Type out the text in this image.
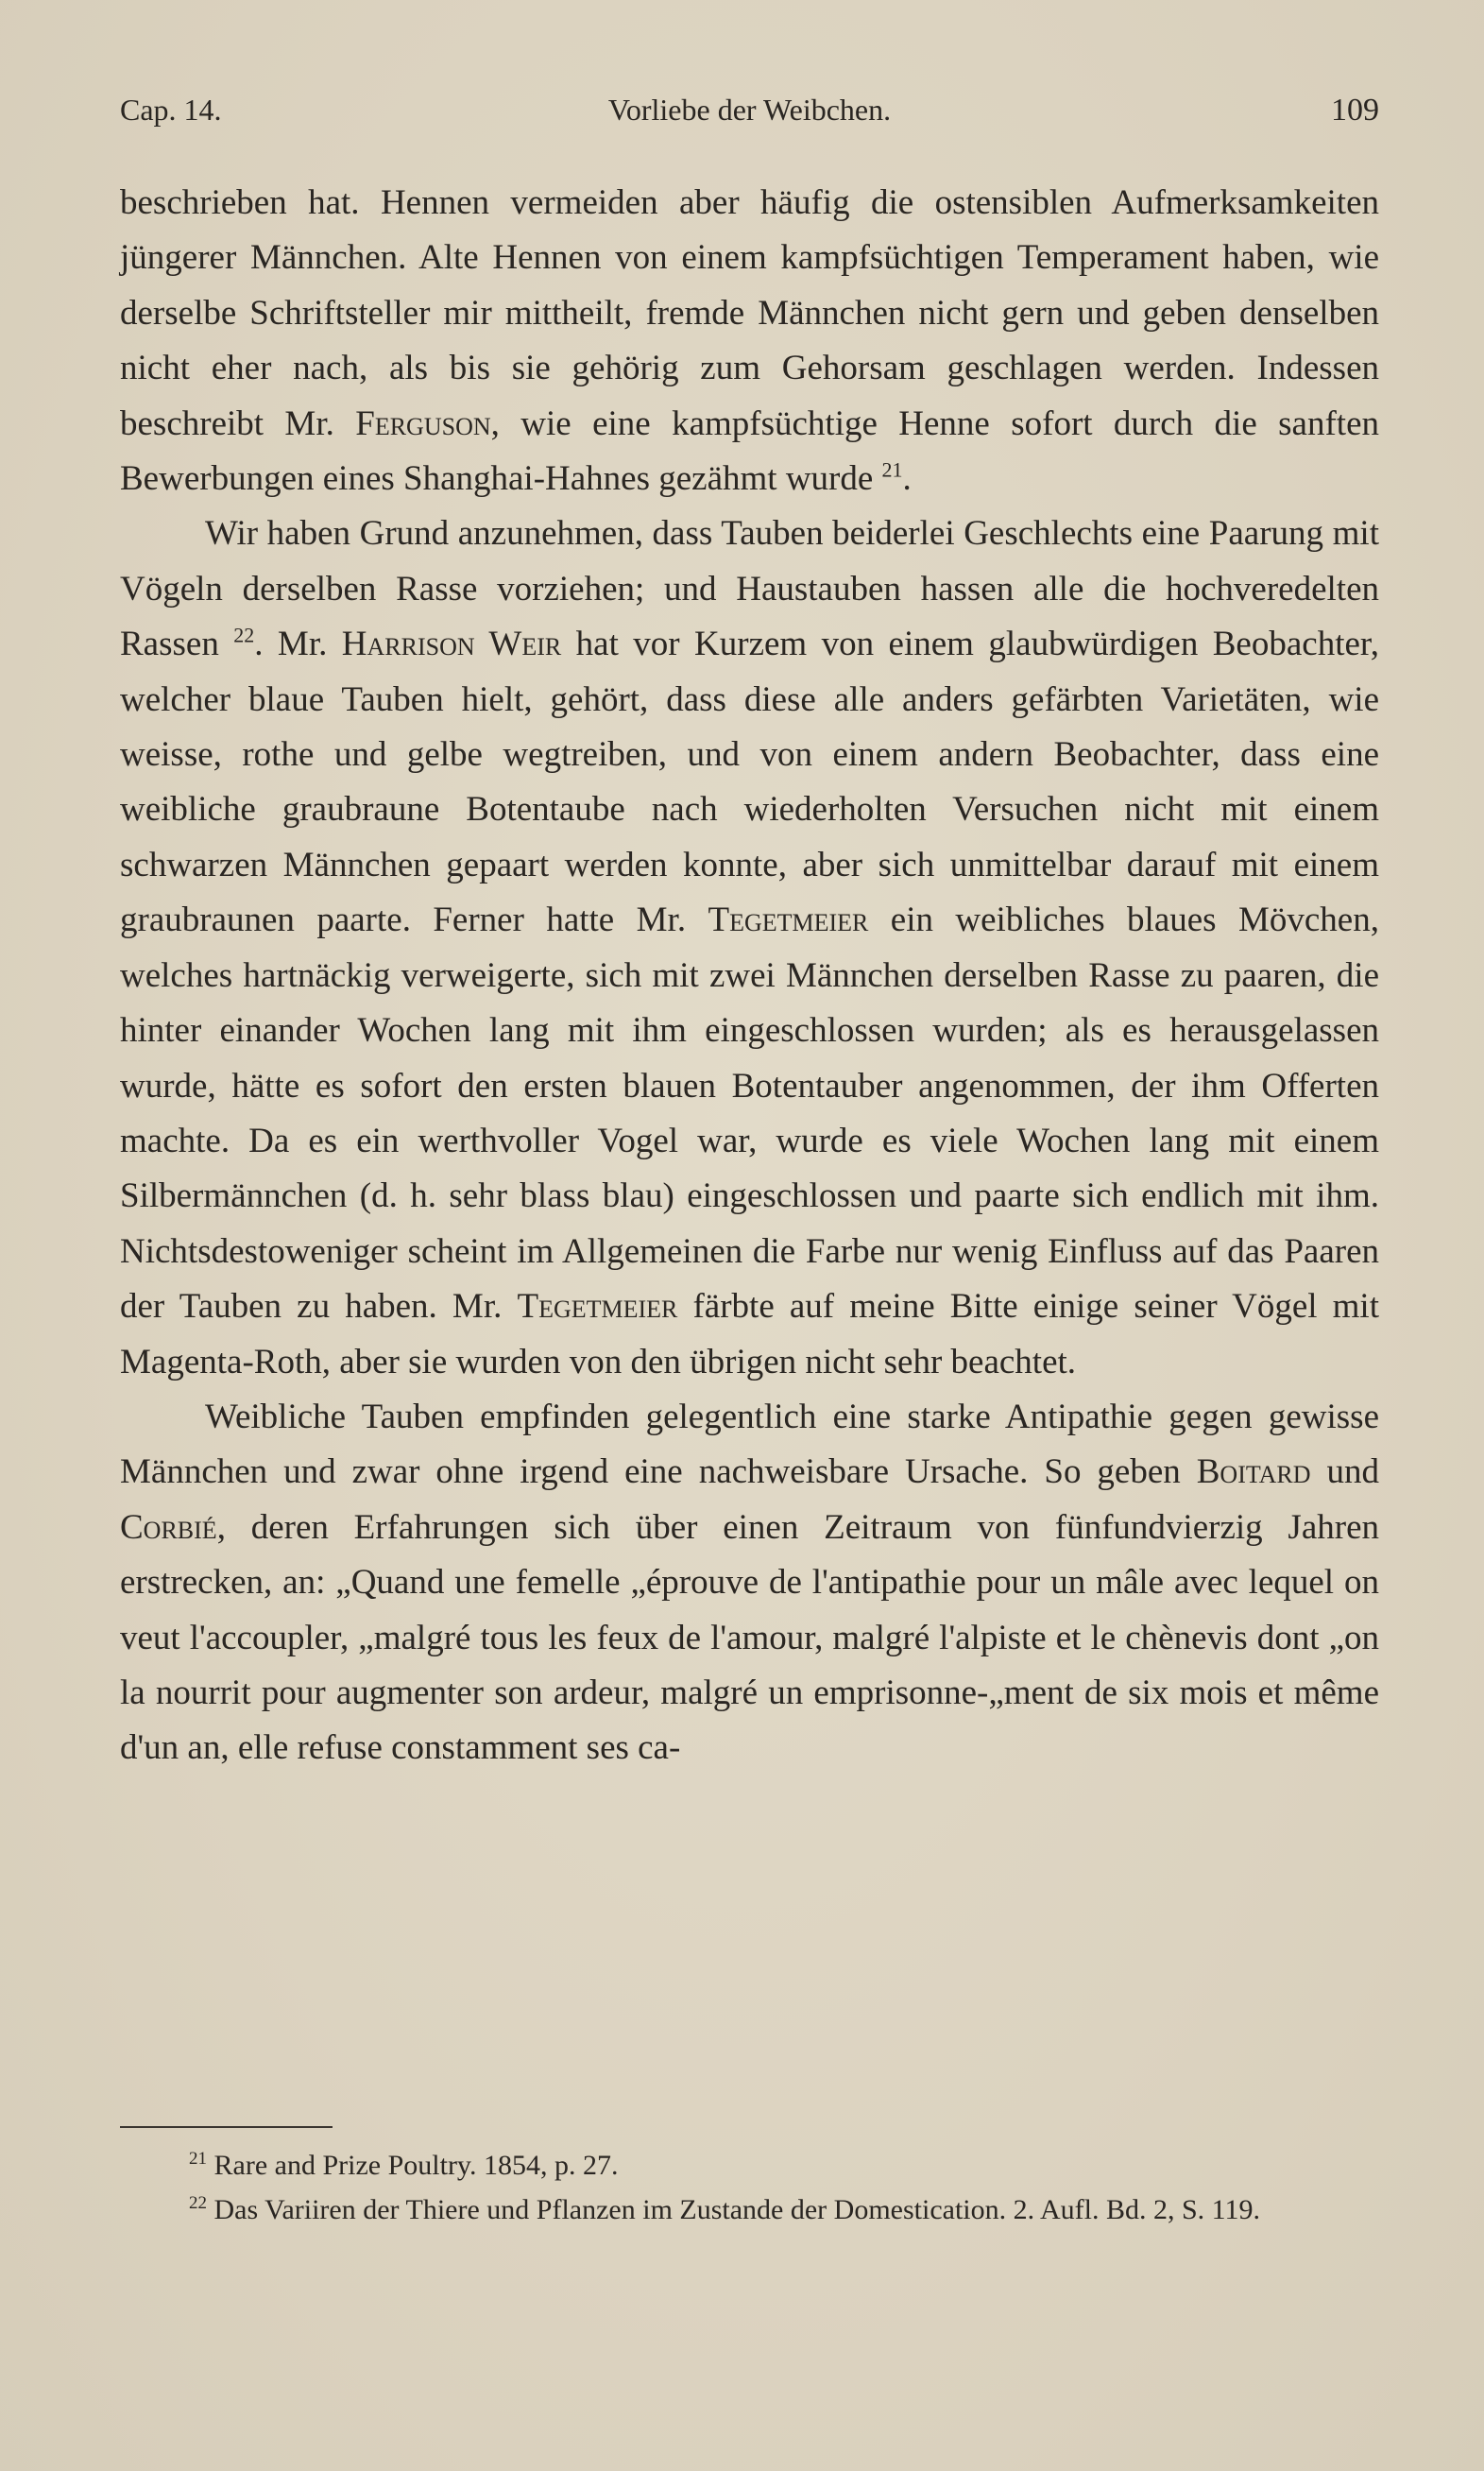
Cap. 14.	Vorliebe der Weibchen.	109

beschrieben hat. Hennen vermeiden aber häufig die ostensiblen Aufmerksamkeiten jüngerer Männchen. Alte Hennen von einem kampfsüchtigen Temperament haben, wie derselbe Schriftsteller mir mittheilt, fremde Männchen nicht gern und geben denselben nicht eher nach, als bis sie gehörig zum Gehorsam geschlagen werden. Indessen beschreibt Mr. Ferguson, wie eine kampfsüchtige Henne sofort durch die sanften Bewerbungen eines Shanghai-Hahnes gezähmt wurde $^{21}$.

Wir haben Grund anzunehmen, dass Tauben beiderlei Geschlechts eine Paarung mit Vögeln derselben Rasse vorziehen; und Haustauben hassen alle die hochveredelten Rassen $^{22}$. Mr. Harrison Weir hat vor Kurzem von einem glaubwürdigen Beobachter, welcher blaue Tauben hielt, gehört, dass diese alle anders gefärbten Varietäten, wie weisse, rothe und gelbe wegtreiben, und von einem andern Beobachter, dass eine weibliche graubraune Botentaube nach wiederholten Versuchen nicht mit einem schwarzen Männchen gepaart werden konnte, aber sich unmittelbar darauf mit einem graubraunen paarte. Ferner hatte Mr. Tegetmeier ein weibliches blaues Mövchen, welches hartnäckig verweigerte, sich mit zwei Männchen derselben Rasse zu paaren, die hinter einander Wochen lang mit ihm eingeschlossen wurden; als es herausgelassen wurde, hätte es sofort den ersten blauen Botentauber angenommen, der ihm Offerten machte. Da es ein werthvoller Vogel war, wurde es viele Wochen lang mit einem Silbermännchen (d. h. sehr blass blau) eingeschlossen und paarte sich endlich mit ihm. Nichtsdestoweniger scheint im Allgemeinen die Farbe nur wenig Einfluss auf das Paaren der Tauben zu haben. Mr. Tegetmeier färbte auf meine Bitte einige seiner Vögel mit Magenta-Roth, aber sie wurden von den übrigen nicht sehr beachtet.

Weibliche Tauben empfinden gelegentlich eine starke Antipathie gegen gewisse Männchen und zwar ohne irgend eine nachweisbare Ursache. So geben Boitard und Corbié, deren Erfahrungen sich über einen Zeitraum von fünfundvierzig Jahren erstrecken, an: „Quand une femelle „éprouve de l'antipathie pour un mâle avec lequel on veut l'accoupler, „malgré tous les feux de l'amour, malgré l'alpiste et le chènevis dont „on la nourrit pour augmenter son ardeur, malgré un emprisonne-„ment de six mois et même d'un an, elle refuse constamment ses ca-

$^{21}$ Rare and Prize Poultry. 1854, p. 27.

$^{22}$ Das Variiren der Thiere und Pflanzen im Zustande der Domestication. 2. Aufl. Bd. 2, S. 119.
